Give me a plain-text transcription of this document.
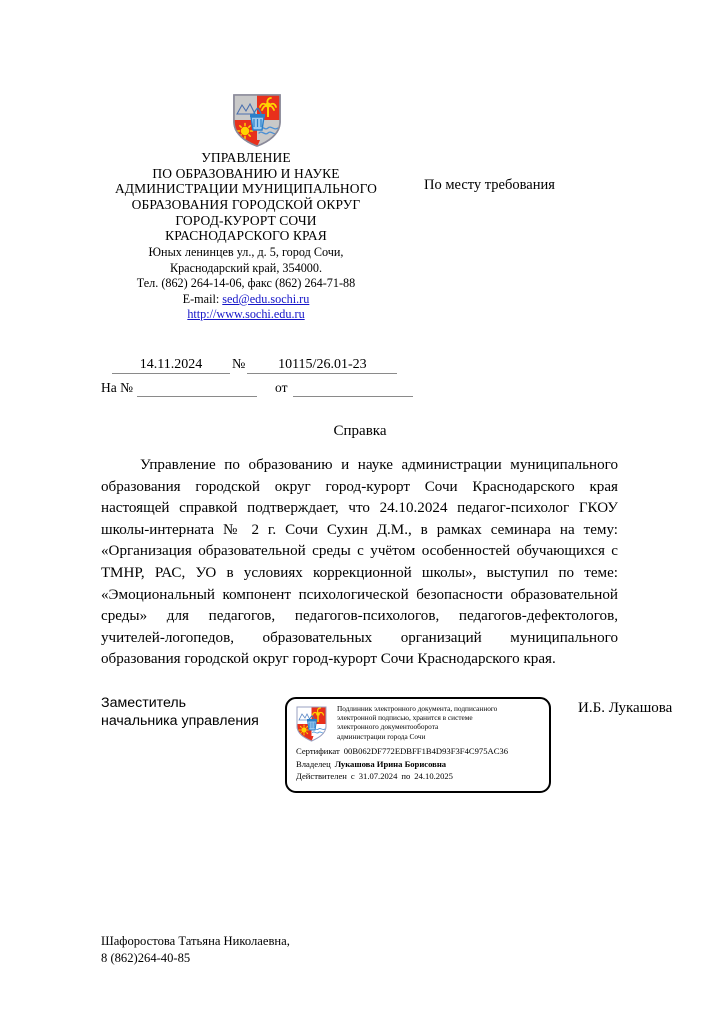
УПРАВЛЕНИЕ
ПО ОБРАЗОВАНИЮ И НАУКЕ
АДМИНИСТРАЦИИ МУНИЦИПАЛЬНОГО
ОБРАЗОВАНИЯ ГОРОДСКОЙ ОКРУГ
ГОРОД-КУРОРТ СОЧИ
КРАСНОДАРСКОГО КРАЯ
Юных ленинцев ул., д. 5, город Сочи,
Краснодарский край, 354000.
Тел. (862) 264-14-06, факс (862) 264-71-88
E-mail: sed@edu.sochi.ru
http://www.sochi.edu.ru
По месту требования
14.11.2024 № 10115/26.01-23
На №	от
Справка
Управление по образованию и науке администрации муниципального образования городской округ город-курорт Сочи Краснодарского края настоящей справкой подтверждает, что 24.10.2024 педагог-психолог ГКОУ школы-интерната № 2 г. Сочи Сухин Д.М., в рамках семинара на тему: «Организация образовательной среды с учётом особенностей обучающихся с ТМНР, РАС, УО в условиях коррекционной школы», выступил по теме: «Эмоциональный компонент психологической безопасности образовательной среды» для педагогов, педагогов-психологов, педагогов-дефектологов, учителей-логопедов, образовательных организаций муниципального образования городской округ город-курорт Сочи Краснодарского края.
Заместитель
начальника управления
И.Б. Лукашова
Подлинник электронного документа, подписанного
электронной подписью, хранится в системе
электронного документооборота
администрации города Сочи
Сертификат 00B062DF772EDBFF1B4D93F3F4C975AC36
Владелец Лукашова Ирина Борисовна
Действителен с 31.07.2024 по 24.10.2025
Шафоростова Татьяна Николаевна,
8 (862)264-40-85
